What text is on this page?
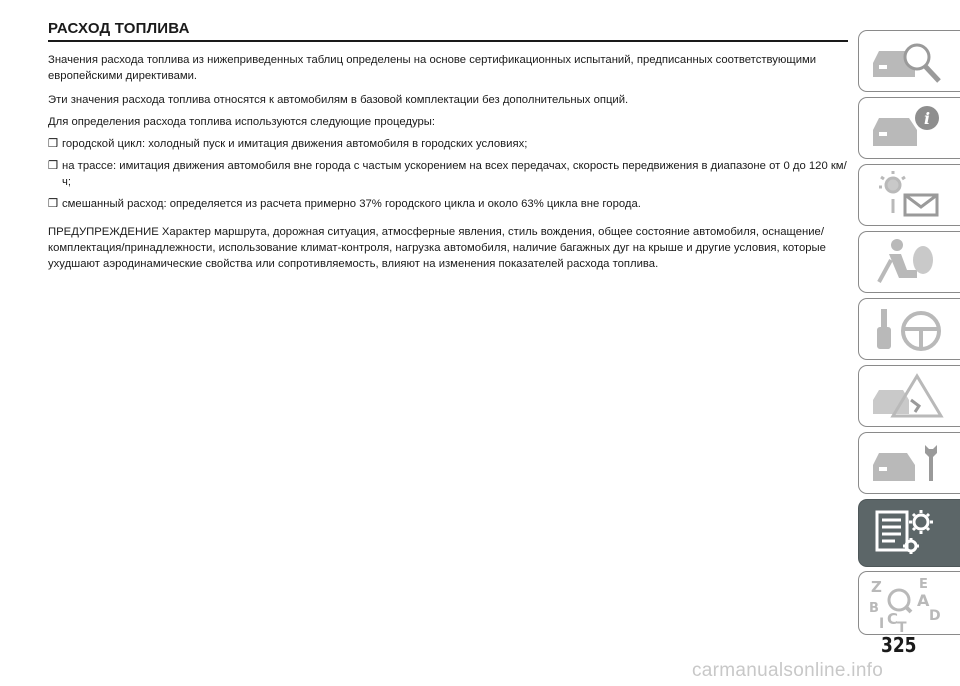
РАСХОД ТОПЛИВА

Значения расхода топлива из нижеприведенных таблиц определены на основе сертификационных испытаний, предписанных соответствующими европейскими директивами.

Эти значения расхода топлива относятся к автомобилям в базовой комплектации без дополнительных опций.

Для определения расхода топлива используются следующие процедуры:

❒ городской цикл: холодный пуск и имитация движения автомобиля в городских условиях;
❒ на трассе: имитация движения автомобиля вне города с частым ускорением на всех передачах, скорость передвижения в диапазоне от 0 до 120 км/ч;
❒ смешанный расход: определяется из расчета примерно 37% городского цикла и около 63% цикла вне города.

ПРЕДУПРЕЖДЕНИЕ Характер маршрута, дорожная ситуация, атмосферные явления, стиль вождения, общее состояние автомобиля, оснащение/комплектация/принадлежности, использование климат-контроля, нагрузка автомобиля, наличие багажных дуг на крыше и другие условия, которые ухудшают аэродинамические свойства или сопротивляемость, влияют на изменения показателей расхода топлива.

i
Z	E
A
B	D
I C
T
325
carmanualsonline.info
